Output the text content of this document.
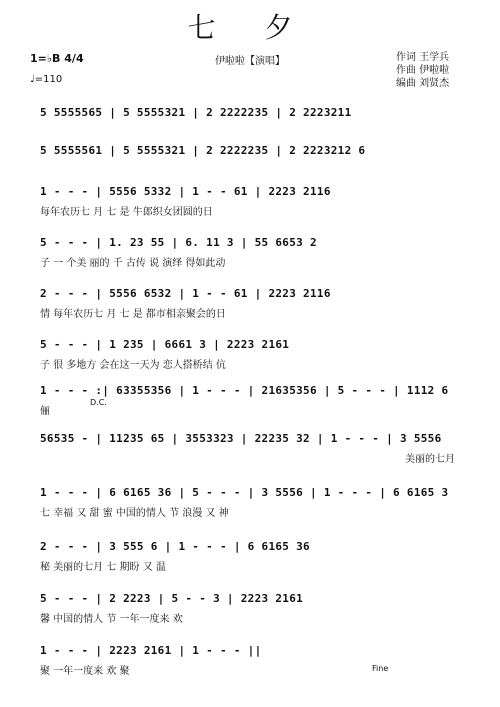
七 夕
1=♭B 4/4
♩=110
伊啦啦【演唱】	作词 王学兵
作曲 伊啦啦
编曲 刘贤杰
5 5555565 | 5 5555321 | 2 2222235 | 2 2223211
5 5555561 | 5 5555321 | 2 2222235 | 2 2223212 6
1 - - - | 5556 5332 | 1 - - 61 | 2223 2116
每年农历七 月 七 是 牛郎织女团圆的日
5 - - - | 1. 23 55 | 6. 11 3 | 55 6653 2
子 一 个美 丽的 千 古传 说 演绎 得如此动
2 - - - | 5556 6532 | 1 - - 61 | 2223 2116
情 每年农历七 月 七 是 都市相亲聚会的日
5 - - - | 1 235 | 6661 3 | 2223 2161
子 很 多地方 会在这一天为 恋人搭桥结 伉
1 - - - :| 63355356 | 1 - - - | 21635356 | 5 - - - | 1112 6
俪
D.C.
56535 - | 11235 65 | 3553323 | 22235 32 | 1 - - - | 3 5556
美丽的七月
1 - - - | 6 6165 36 | 5 - - - | 3 5556 | 1 - - - | 6 6165 3
七 幸福 又 甜 蜜 中国的情人 节 浪漫 又 神
2 - - - | 3 555 6 | 1 - - - | 6 6165 36
秘 美丽的七月 七 期盼 又 温
5 - - - | 2 2223 | 5 - - 3 | 2223 2161
馨 中国的情人 节 一年一度来 欢
1 - - - | 2223 2161 | 1 - - - ||
聚 一年一度来 欢 聚	Fine
